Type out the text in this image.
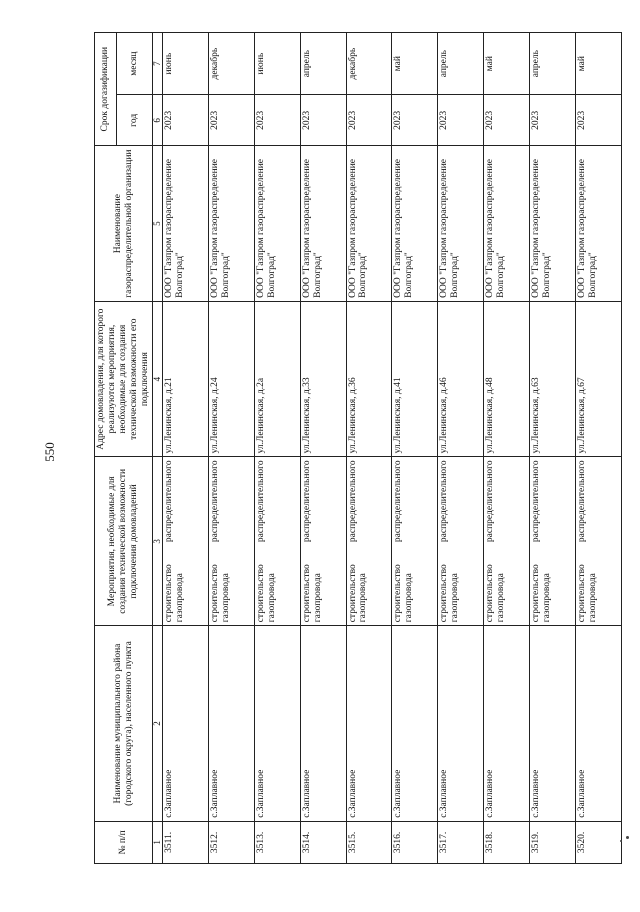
550
№ п/п	Наименование муниципального района (городского округа), населенного пункта	Мероприятия, необходимые для создания технической возможности подключения домовладений	Адрес домовладения, для которого реализуются мероприятия, необходимые для создания технической возможности его подключения	Наименование газораспределительной организации	Срок догазификации	
					год	месяц
1	2	3	4	5	6	7
3511.	с.Заплавное	строительство распределительного газопровода	ул.Ленинская, д.21	ООО "Газпром газораспределение Волгоград"	2023	июнь
3512.	с.Заплавное	строительство распределительного газопровода	ул.Ленинская, д.24	ООО "Газпром газораспределение Волгоград"	2023	декабрь
3513.	с.Заплавное	строительство распределительного газопровода	ул.Ленинская, д.2а	ООО "Газпром газораспределение Волгоград"	2023	июнь
3514.	с.Заплавное	строительство распределительного газопровода	ул.Ленинская, д.33	ООО "Газпром газораспределение Волгоград"	2023	апрель
3515.	с.Заплавное	строительство распределительного газопровода	ул.Ленинская, д.36	ООО "Газпром газораспределение Волгоград"	2023	декабрь
3516.	с.Заплавное	строительство распределительного газопровода	ул.Ленинская, д.41	ООО "Газпром газораспределение Волгоград"	2023	май
3517.	с.Заплавное	строительство распределительного газопровода	ул.Ленинская, д.46	ООО "Газпром газораспределение Волгоград"	2023	апрель
3518.	с.Заплавное	строительство распределительного газопровода	ул.Ленинская, д.48	ООО "Газпром газораспределение Волгоград"	2023	май
3519.	с.Заплавное	строительство распределительного газопровода	ул.Ленинская, д.63	ООО "Газпром газораспределение Волгоград"	2023	апрель
3520.	с.Заплавное	строительство распределительного газопровода	ул.Ленинская, д.67	ООО "Газпром газораспределение Волгоград"	2023	май
